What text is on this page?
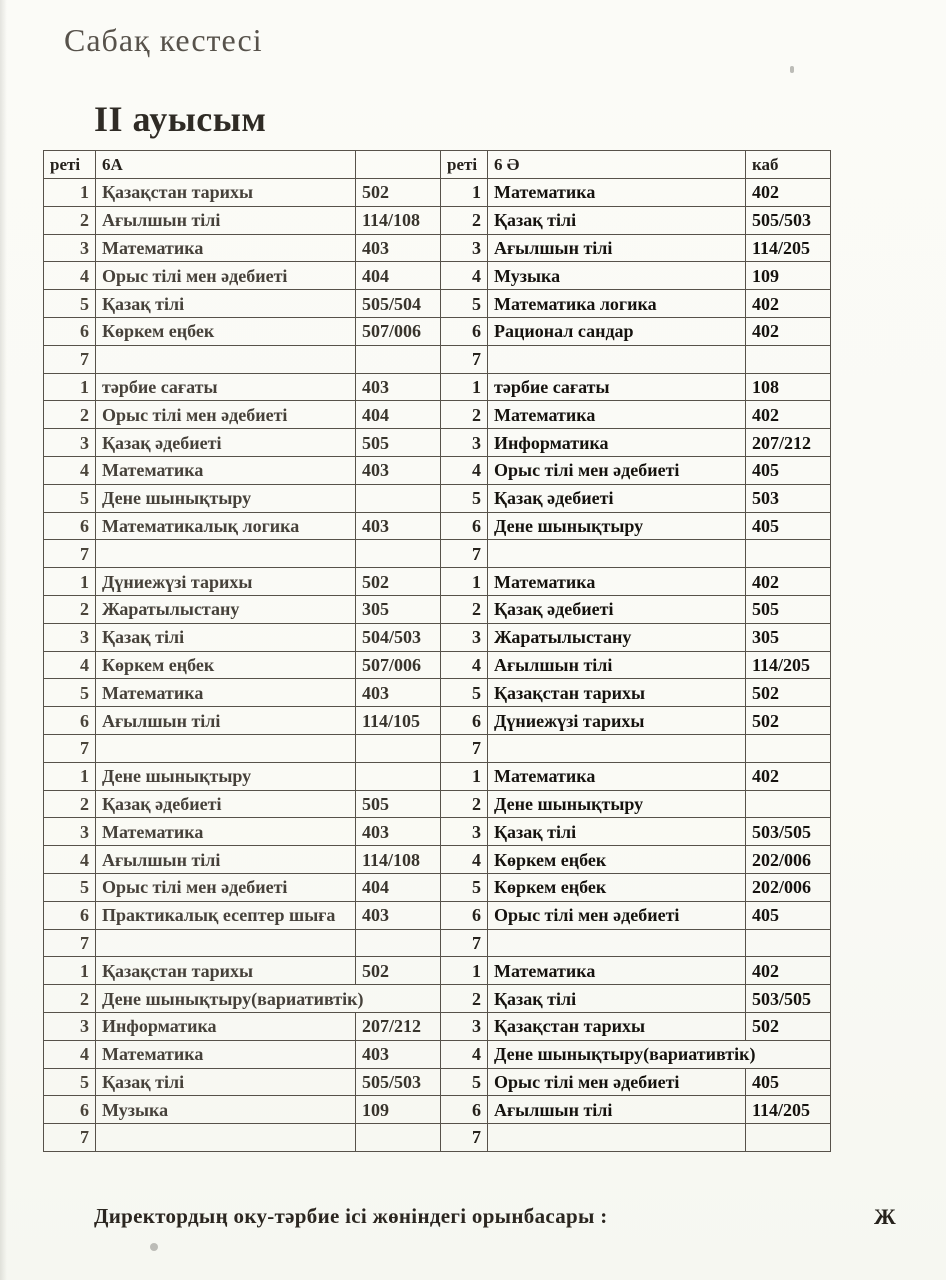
Сабақ кестесі
ІІ ауысым
реті	6А		реті	6 Ә	каб
1	Қазақстан тарихы	502	1	Математика	402
2	Ағылшын тілі	114/108	2	Қазақ тілі	505/503
3	Математика	403	3	Ағылшын тілі	114/205
4	Орыс тілі мен әдебиеті	404	4	Музыка	109
5	Қазақ тілі	505/504	5	Математика логика	402
6	Көркем еңбек	507/006	6	Рационал сандар	402
7			7		
1	тәрбие сағаты	403	1	тәрбие сағаты	108
2	Орыс тілі мен әдебиеті	404	2	Математика	402
3	Қазақ әдебиеті	505	3	Информатика	207/212
4	Математика	403	4	Орыс тілі мен әдебиеті	405
5	Дене шынықтыру		5	Қазақ әдебиеті	503
6	Математикалық логика	403	6	Дене шынықтыру	405
7			7		
1	Дүниежүзі тарихы	502	1	Математика	402
2	Жаратылыстану	305	2	Қазақ әдебиеті	505
3	Қазақ тілі	504/503	3	Жаратылыстану	305
4	Көркем еңбек	507/006	4	Ағылшын тілі	114/205
5	Математика	403	5	Қазақстан тарихы	502
6	Ағылшын тілі	114/105	6	Дүниежүзі тарихы	502
7			7		
1	Дене шынықтыру		1	Математика	402
2	Қазақ әдебиеті	505	2	Дене шынықтыру	
3	Математика	403	3	Қазақ тілі	503/505
4	Ағылшын тілі	114/108	4	Көркем еңбек	202/006
5	Орыс тілі мен әдебиеті	404	5	Көркем еңбек	202/006
6	Практикалық есептер шыға	403	6	Орыс тілі мен әдебиеті	405
7			7		
1	Қазақстан тарихы	502	1	Математика	402
2	Дене шынықтыру(вариативтік)		2	Қазақ тілі	503/505
3	Информатика	207/212	3	Қазақстан тарихы	502
4	Математика	403	4	Дене шынықтыру(вариативтік)	
5	Қазақ тілі	505/503	5	Орыс тілі мен әдебиеті	405
6	Музыка	109	6	Ағылшын тілі	114/205
7			7		
Директордың оку-тәрбие ісі жөніндегі орынбасары :	Ж
